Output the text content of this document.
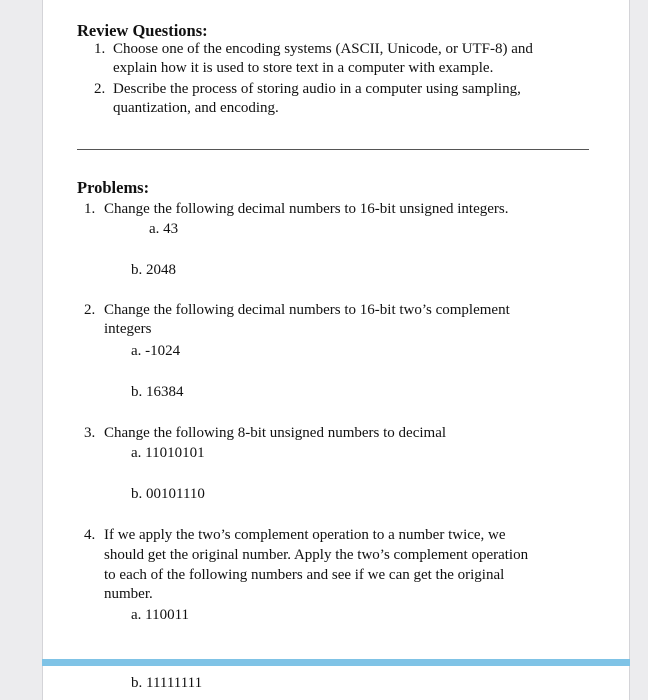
Review Questions:
1. Choose one of the encoding systems (ASCII, Unicode, or UTF-8) and
explain how it is used to store text in a computer with example.
2. Describe the process of storing audio in a computer using sampling,
quantization, and encoding.
Problems:
1. Change the following decimal numbers to 16-bit unsigned integers.
a. 43
b. 2048
2. Change the following decimal numbers to 16-bit two’s complement
integers
a. -1024
b. 16384
3. Change the following 8-bit unsigned numbers to decimal
a. 11010101
b. 00101110
4. If we apply the two’s complement operation to a number twice, we
should get the original number. Apply the two’s complement operation
to each of the following numbers and see if we can get the original
number.
a. 110011
b. 11111111
